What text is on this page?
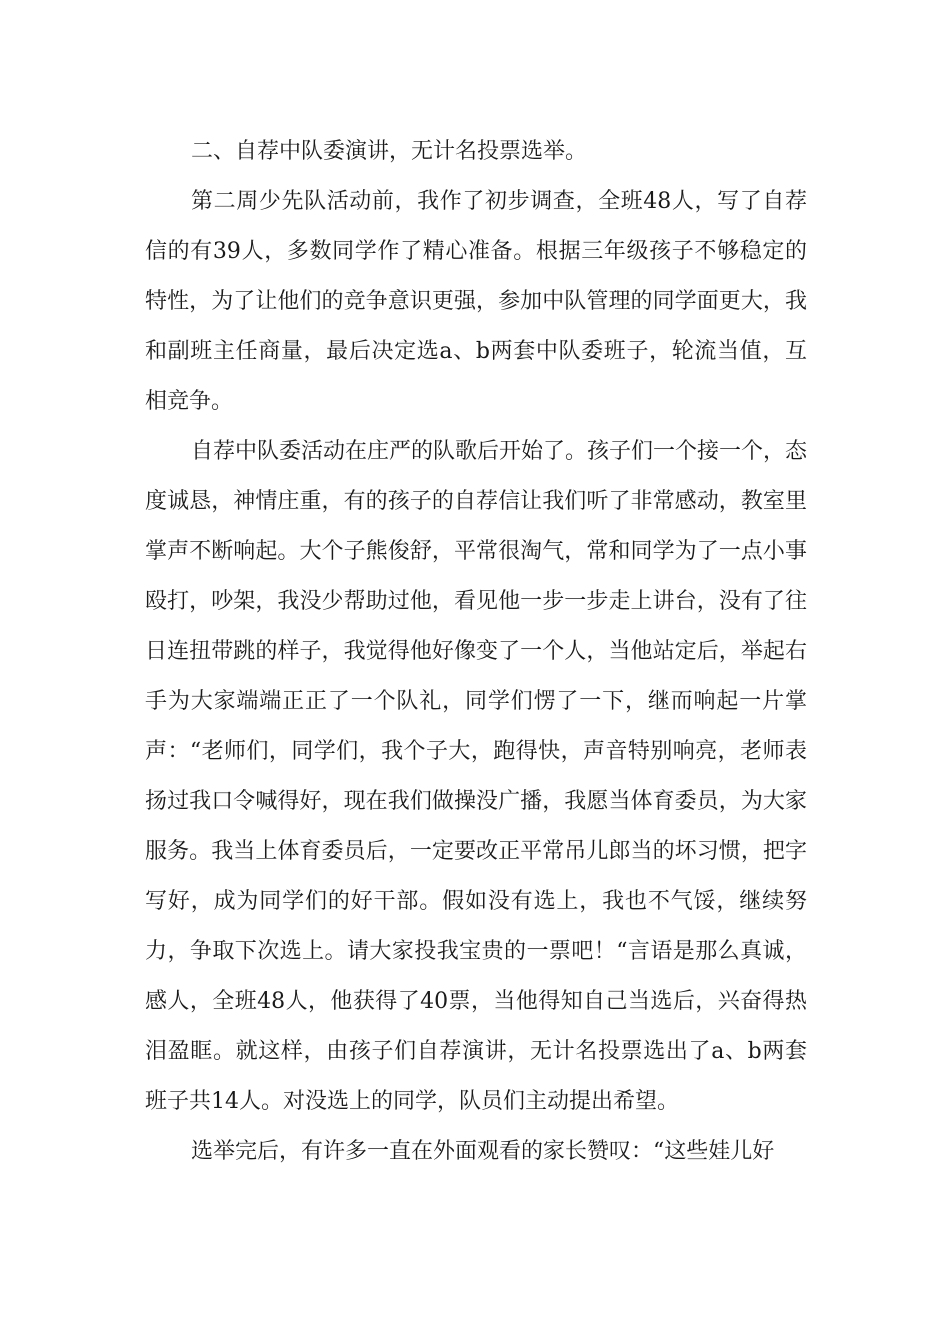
二、自荐中队委演讲，无计名投票选举。

第二周少先队活动前，我作了初步调查，全班48人，写了自荐信的有39人，多数同学作了精心准备。根据三年级孩子不够稳定的特性，为了让他们的竞争意识更强，参加中队管理的同学面更大，我和副班主任商量，最后决定选a、b两套中队委班子，轮流当值，互相竞争。

自荐中队委活动在庄严的队歌后开始了。孩子们一个接一个，态度诚恳，神情庄重，有的孩子的自荐信让我们听了非常感动，教室里掌声不断响起。大个子熊俊舒，平常很淘气，常和同学为了一点小事殴打，吵架，我没少帮助过他，看见他一步一步走上讲台，没有了往日连扭带跳的样子，我觉得他好像变了一个人，当他站定后，举起右手为大家端端正正了一个队礼，同学们愣了一下，继而响起一片掌声：“老师们，同学们，我个子大，跑得快，声音特别响亮，老师表扬过我口令喊得好，现在我们做操没广播，我愿当体育委员，为大家服务。我当上体育委员后，一定要改正平常吊儿郎当的坏习惯，把字写好，成为同学们的好干部。假如没有选上，我也不气馁，继续努力，争取下次选上。请大家投我宝贵的一票吧！“言语是那么真诚，感人，全班48人，他获得了40票，当他得知自己当选后，兴奋得热泪盈眶。就这样，由孩子们自荐演讲，无计名投票选出了a、b两套班子共14人。对没选上的同学，队员们主动提出希望。

选举完后，有许多一直在外面观看的家长赞叹：“这些娃儿好
